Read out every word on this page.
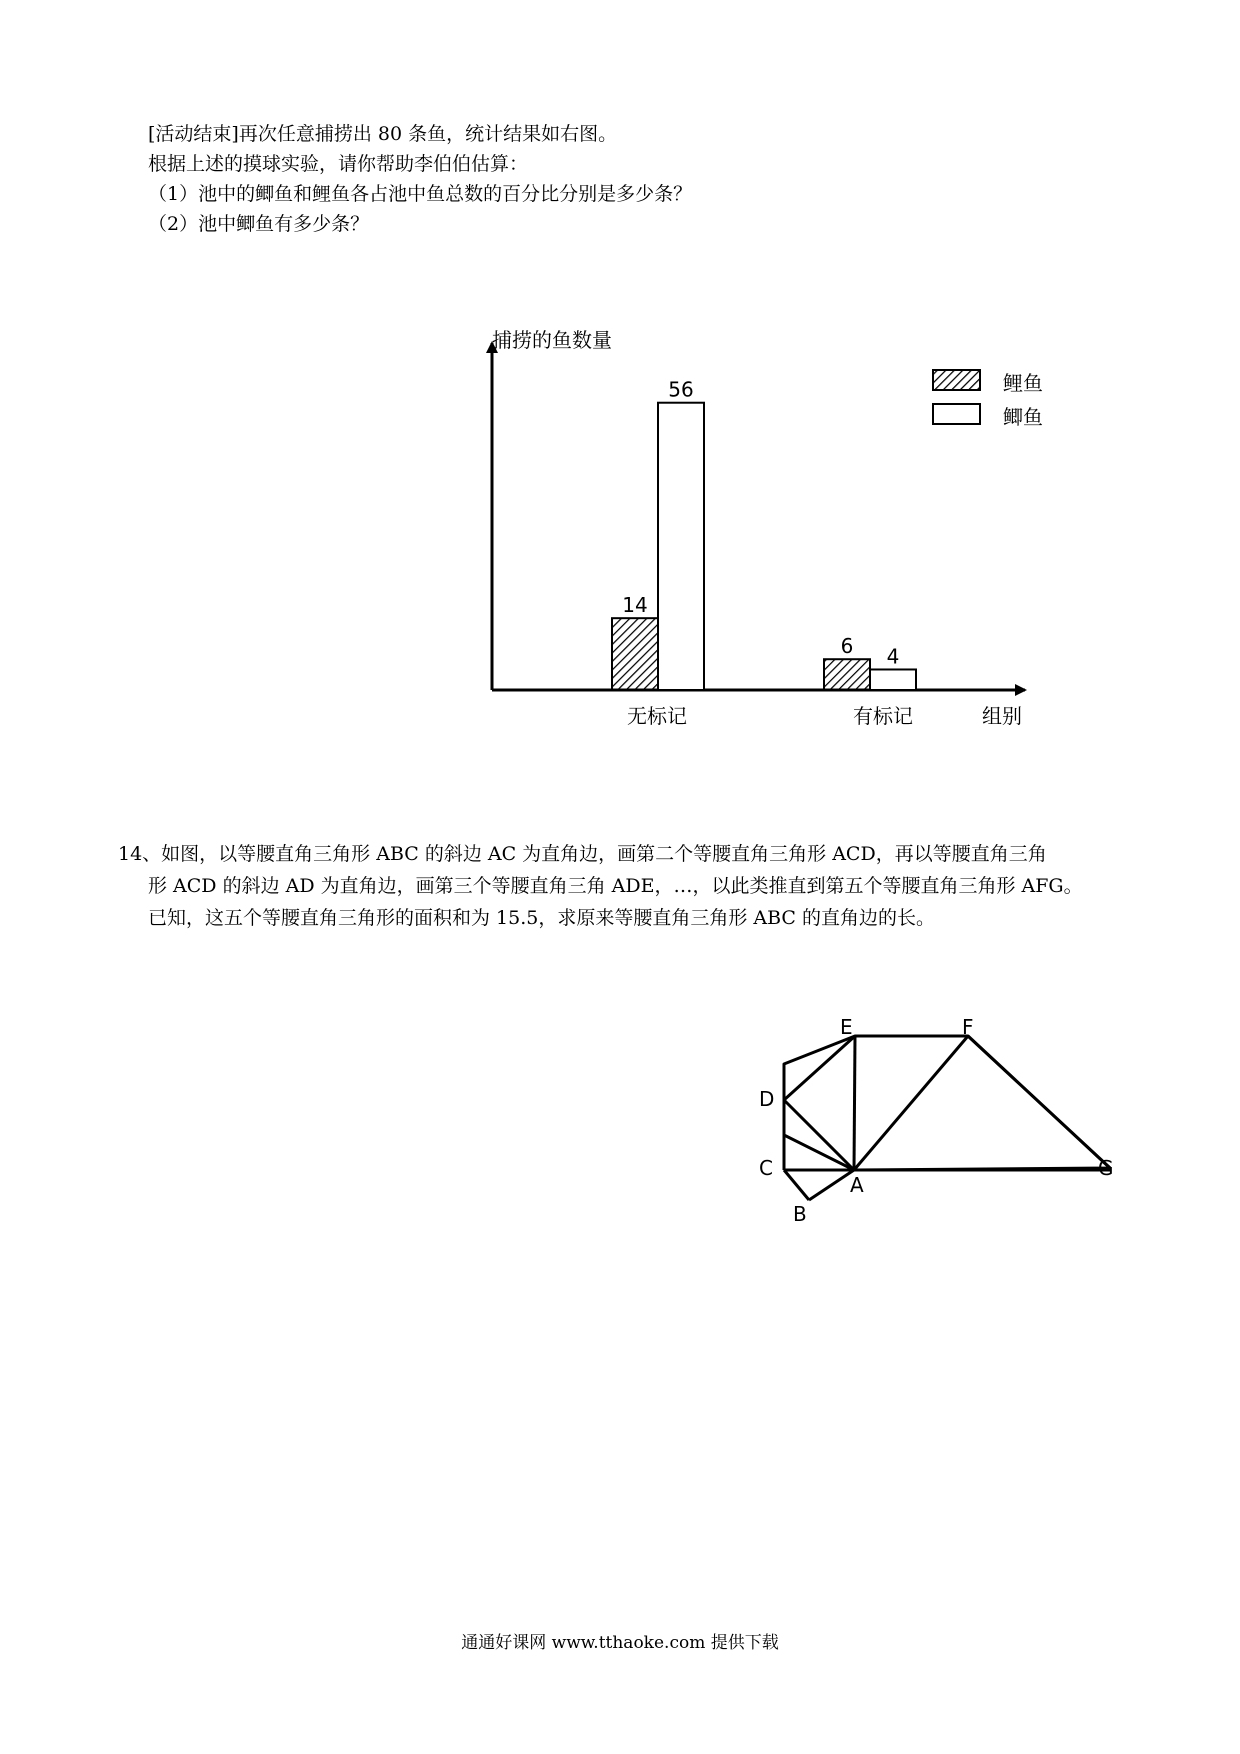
[活动结束]再次任意捕捞出 80 条鱼，统计结果如右图。
根据上述的摸球实验，请你帮助李伯伯估算：
（1）池中的鲫鱼和鲤鱼各占池中鱼总数的百分比分别是多少条？
（2）池中鲫鱼有多少条？
捕捞的鱼数量
组别
14
6
56
4
无标记	有标记
鲤鱼
鲫鱼
14、如图，以等腰直角三角形 ABC 的斜边 AC 为直角边，画第二个等腰直角三角形 ACD，再以等腰直角三角
形 ACD 的斜边 AD 为直角边，画第三个等腰直角三角 ADE，…，以此类推直到第五个等腰直角三角形 AFG。
已知，这五个等腰直角三角形的面积和为 15.5，求原来等腰直角三角形 ABC 的直角边的长。
E	F
D
C
A
B
G
通通好课网 www.tthaoke.com 提供下载
